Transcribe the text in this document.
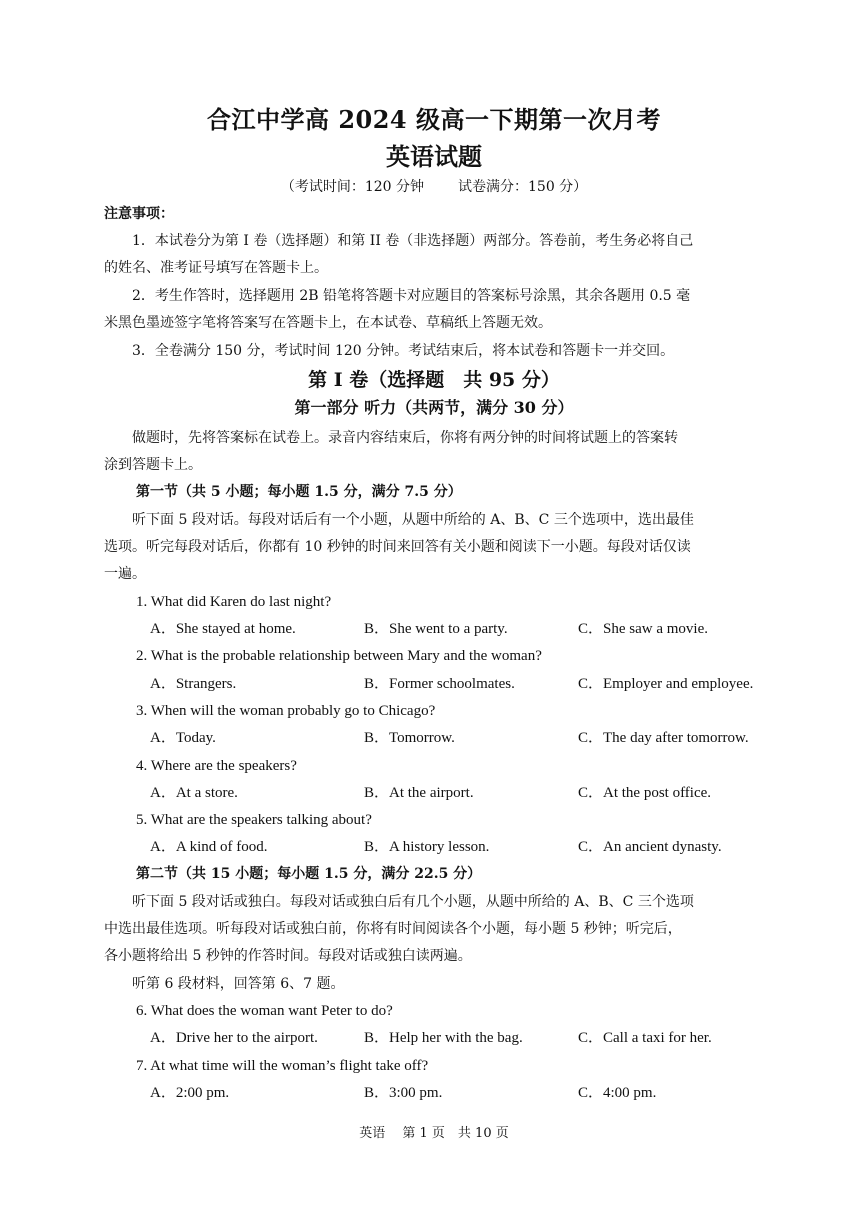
合江中学高 2024 级高一下期第一次月考
英语试题
（考试时间：120 分钟 试卷满分：150 分）
注意事项：
1．本试卷分为第 I 卷（选择题）和第 II 卷（非选择题）两部分。答卷前，考生务必将自己
的姓名、准考证号填写在答题卡上。
2．考生作答时，选择题用 2B 铅笔将答题卡对应题目的答案标号涂黑，其余各题用 0.5 毫
米黑色墨迹签字笔将答案写在答题卡上，在本试卷、草稿纸上答题无效。
3．全卷满分 150 分，考试时间 120 分钟。考试结束后，将本试卷和答题卡一并交回。
第 I 卷（选择题　共 95 分）
第一部分 听力（共两节，满分 30 分）
做题时，先将答案标在试卷上。录音内容结束后，你将有两分钟的时间将试题上的答案转
涂到答题卡上。
第一节（共 5 小题；每小题 1.5 分，满分 7.5 分）
听下面 5 段对话。每段对话后有一个小题，从题中所给的 A、B、C 三个选项中，选出最佳
选项。听完每段对话后，你都有 10 秒钟的时间来回答有关小题和阅读下一小题。每段对话仅读
一遍。
1. What did Karen do last night?
A．She stayed at home.	B．She went to a party.	C．She saw a movie.
2. What is the probable relationship between Mary and the woman?
A．Strangers.	B．Former schoolmates.	C．Employer and employee.
3. When will the woman probably go to Chicago?
A．Today.	B．Tomorrow.	C．The day after tomorrow.
4. Where are the speakers?
A．At a store.	B．At the airport.	C．At the post office.
5. What are the speakers talking about?
A．A kind of food.	B．A history lesson.	C．An ancient dynasty.
第二节（共 15 小题；每小题 1.5 分，满分 22.5 分）
听下面 5 段对话或独白。每段对话或独白后有几个小题，从题中所给的 A、B、C 三个选项
中选出最佳选项。听每段对话或独白前，你将有时间阅读各个小题，每小题 5 秒钟；听完后，
各小题将给出 5 秒钟的作答时间。每段对话或独白读两遍。
听第 6 段材料，回答第 6、7 题。
6. What does the woman want Peter to do?
A．Drive her to the airport.	B．Help her with the bag.	C．Call a taxi for her.
7. At what time will the woman’s flight take off?
A．2:00 pm.	B．3:00 pm.	C．4:00 pm.
英语　 第 1 页　共 10 页
